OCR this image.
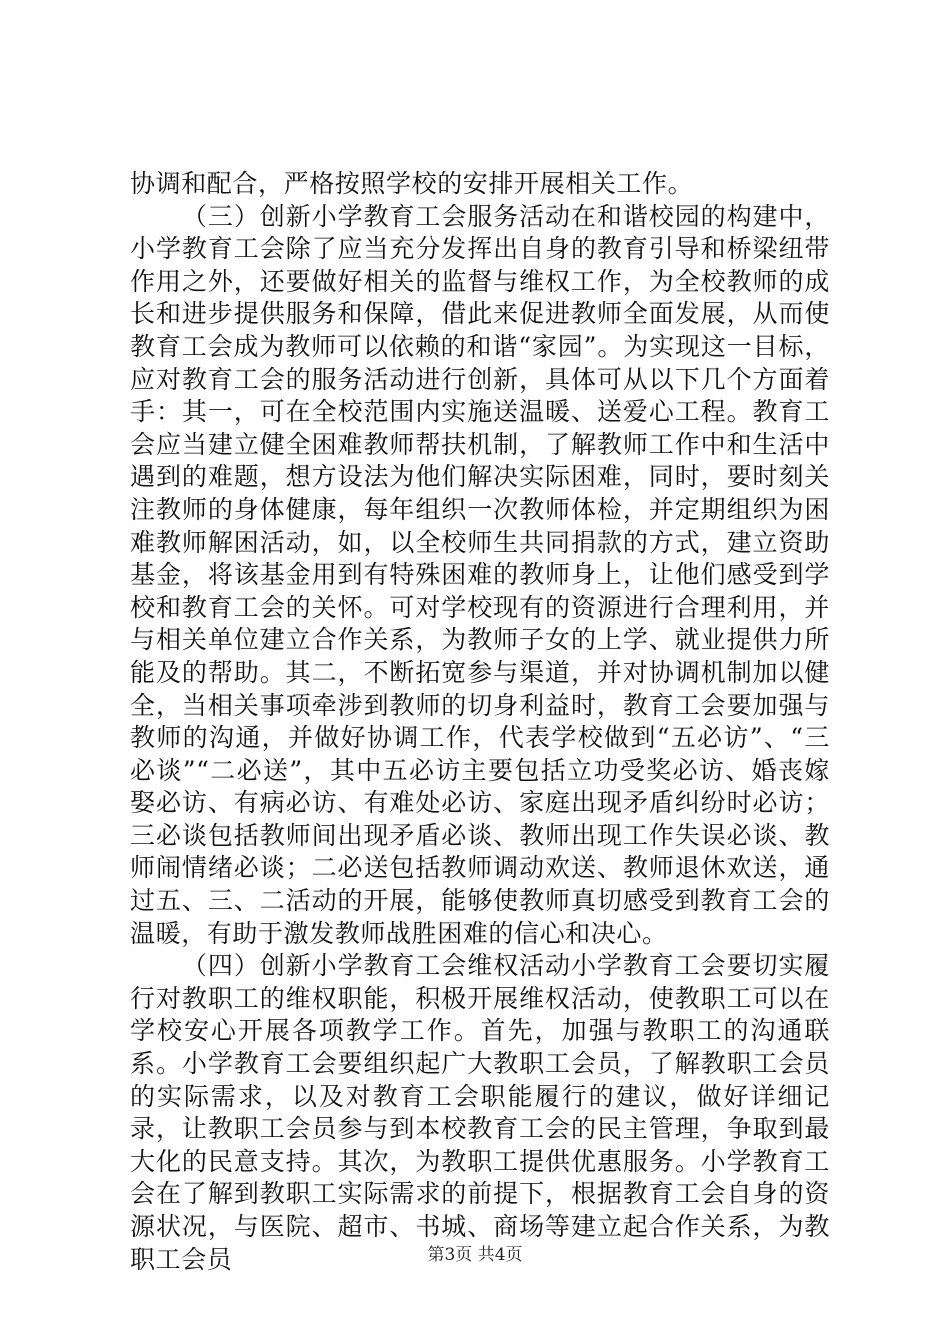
协调和配合，严格按照学校的安排开展相关工作。

（三）创新小学教育工会服务活动在和谐校园的构建中，小学教育工会除了应当充分发挥出自身的教育引导和桥梁纽带作用之外，还要做好相关的监督与维权工作，为全校教师的成长和进步提供服务和保障，借此来促进教师全面发展，从而使教育工会成为教师可以依赖的和谐“家园”。为实现这一目标，应对教育工会的服务活动进行创新，具体可从以下几个方面着手：其一，可在全校范围内实施送温暖、送爱心工程。教育工会应当建立健全困难教师帮扶机制，了解教师工作中和生活中遇到的难题，想方设法为他们解决实际困难，同时，要时刻关注教师的身体健康，每年组织一次教师体检，并定期组织为困难教师解困活动，如，以全校师生共同捐款的方式，建立资助基金，将该基金用到有特殊困难的教师身上，让他们感受到学校和教育工会的关怀。可对学校现有的资源进行合理利用，并与相关单位建立合作关系，为教师子女的上学、就业提供力所能及的帮助。其二，不断拓宽参与渠道，并对协调机制加以健全，当相关事项牵涉到教师的切身利益时，教育工会要加强与教师的沟通，并做好协调工作，代表学校做到“五必访”、“三必谈”“二必送”，其中五必访主要包括立功受奖必访、婚丧嫁娶必访、有病必访、有难处必访、家庭出现矛盾纠纷时必访；三必谈包括教师间出现矛盾必谈、教师出现工作失误必谈、教师闹情绪必谈；二必送包括教师调动欢送、教师退休欢送，通过五、三、二活动的开展，能够使教师真切感受到教育工会的温暖，有助于激发教师战胜困难的信心和决心。

（四）创新小学教育工会维权活动小学教育工会要切实履行对教职工的维权职能，积极开展维权活动，使教职工可以在学校安心开展各项教学工作。首先，加强与教职工的沟通联系。小学教育工会要组织起广大教职工会员，了解教职工会员的实际需求，以及对教育工会职能履行的建议，做好详细记录，让教职工会员参与到本校教育工会的民主管理，争取到最大化的民意支持。其次，为教职工提供优惠服务。小学教育工会在了解到教职工实际需求的前提下，根据教育工会自身的资源状况，与医院、超市、书城、商场等建立起合作关系，为教职工会员	第3页 共4页
